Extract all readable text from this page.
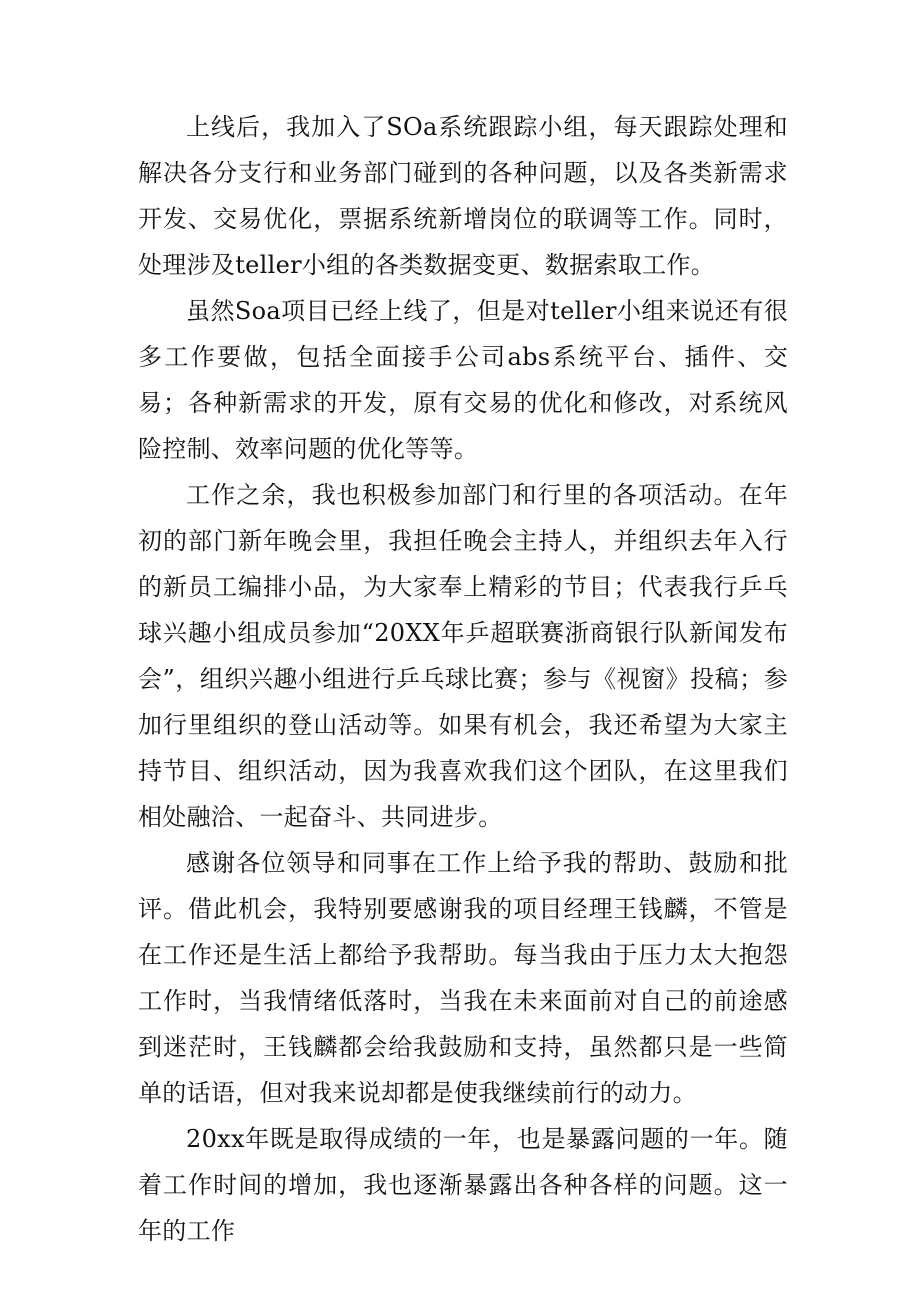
上线后，我加入了SOa系统跟踪小组，每天跟踪处理和解决各分支行和业务部门碰到的各种问题，以及各类新需求开发、交易优化，票据系统新增岗位的联调等工作。同时，处理涉及teller小组的各类数据变更、数据索取工作。

虽然Soa项目已经上线了，但是对teller小组来说还有很多工作要做，包括全面接手公司abs系统平台、插件、交易；各种新需求的开发，原有交易的优化和修改，对系统风险控制、效率问题的优化等等。

工作之余，我也积极参加部门和行里的各项活动。在年初的部门新年晚会里，我担任晚会主持人，并组织去年入行的新员工编排小品，为大家奉上精彩的节目；代表我行乒乓球兴趣小组成员参加“20XX年乒超联赛浙商银行队新闻发布会”，组织兴趣小组进行乒乓球比赛；参与《视窗》投稿；参加行里组织的登山活动等。如果有机会，我还希望为大家主持节目、组织活动，因为我喜欢我们这个团队，在这里我们相处融洽、一起奋斗、共同进步。

感谢各位领导和同事在工作上给予我的帮助、鼓励和批评。借此机会，我特别要感谢我的项目经理王钱麟，不管是在工作还是生活上都给予我帮助。每当我由于压力太大抱怨工作时，当我情绪低落时，当我在未来面前对自己的前途感到迷茫时，王钱麟都会给我鼓励和支持，虽然都只是一些简单的话语，但对我来说却都是使我继续前行的动力。

20xx年既是取得成绩的一年，也是暴露问题的一年。随着工作时间的增加，我也逐渐暴露出各种各样的问题。这一年的工作
